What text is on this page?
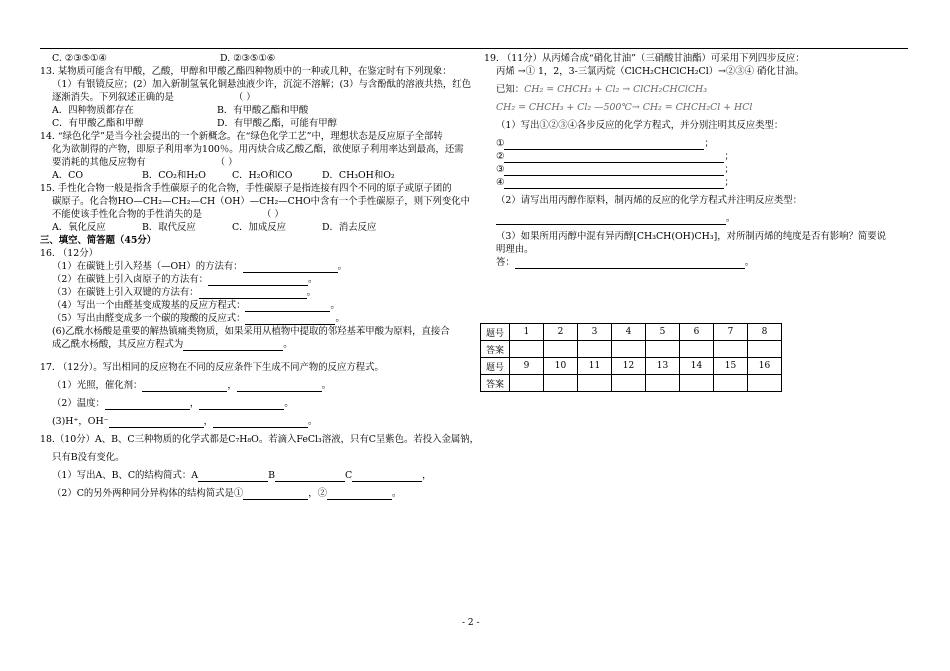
C. ②③⑤①④	D. ②③⑤①⑥
13. 某物质可能含有甲酸，乙酸，甲醇和甲酸乙酯四种物质中的一种或几种，在鉴定时有下列现象：
（1）有银镜反应；(2）加入新制氢氧化铜悬浊液少许，沉淀不溶解；(3）与含酚酞的溶液共热，红色
逐渐消失。下列叙述正确的是	（ ）
A．四种物质都存在	B．有甲酸乙酯和甲酸
C．有甲酸乙酯和甲醇	D．有甲酸乙酯，可能有甲醇
14. “绿色化学”是当今社会提出的一个新概念。在“绿色化学工艺”中，理想状态是反应原子全部转
化为欲制得的产物，即原子利用率为100％。用丙炔合成乙酸乙酯，欲使原子利用率达到最高，还需
要消耗的其他反应物有	（ ）
A．CO	B．CO₂和H₂O	C．H₂O和CO	D．CH₃OH和O₂
15. 手性化合物一般是指含手性碳原子的化合物，手性碳原子是指连接有四个不同的原子或原子团的
碳原子。化合物HO—CH₂—CH₂—CH（OH）—CH₂—CHO中含有一个手性碳原子，则下列变化中
不能使该手性化合物的手性消失的是	（ ）
A．氧化反应	B．取代反应	C．加成反应	D．消去反应
三、填空、简答题（45分）
16. （12分）
（1）在碳链上引入羟基（—OH）的方法有：	。
（2）在碳链上引入卤原子的方法有：	。
（3）在碳链上引入双键的方法有：	。
（4）写出一个由醛基变成羧基的反应方程式：	。
（5）写出由醛变成多一个碳的羧酸的反应式：	。
(6)乙酰水杨酸是重要的解热镇痛类物质，如果采用从植物中提取的邻羟基苯甲酸为原料，直接合
成乙酰水杨酸，其反应方程式为	。
17. （12分）。写出相同的反应物在不同的反应条件下生成不同产物的反应方程式。
（1）光照，催化剂：	，	。
（2）温度：	，	。
(3)H⁺，OH⁻	，	。
18.（10分）A、B、C三种物质的化学式都是C₇H₈O。若滴入FeCl₃溶液，只有C呈紫色。若投入金属钠，
只有B没有变化。
（1）写出A、B、C的结构简式：A	B	C	，
（2）C的另外两种同分异构体的结构简式是①	，②	。
19. （11分）从丙烯合成“硝化甘油”（三硝酸甘油酯）可采用下列四步反应：
丙烯 →① 1，2，3-三氯丙烷（ClCH₂CHClCH₂Cl）→②③④ 硝化甘油。
已知：CH₂ = CHCH₃ + Cl₂ → ClCH₂CHClCH₃
CH₂ = CHCH₃ + Cl₂ —500℃→ CH₂ = CHCH₂Cl + HCl
（1）写出①②③④各步反应的化学方程式，并分别注明其反应类型：
①	；
②	；
③	；
④	；
（2）请写出用丙醇作原料，制丙烯的反应的化学方程式并注明反应类型：
。
（3）如果所用丙醇中混有异丙醇[CH₃CH(OH)CH₃]，对所制丙烯的纯度是否有影响？简要说
明理由。
答：	。
题号	1	2	3	4	5	6	7	8
答案								
题号	9	10	11	12	13	14	15	16
答案								
- 2 -
